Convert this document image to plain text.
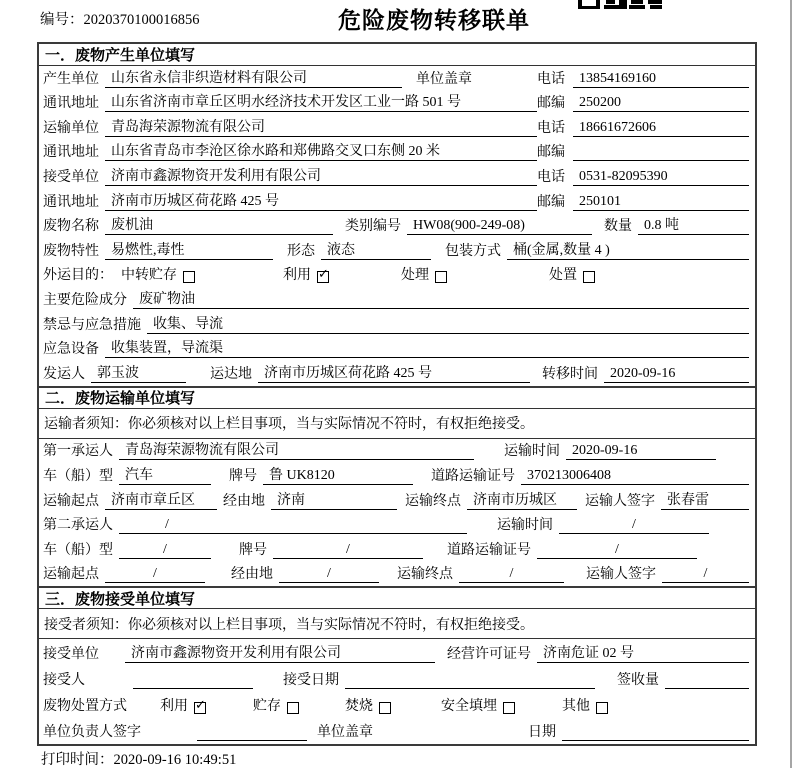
编号：2020370100016856	危险废物转移联单
一．废物产生单位填写
产生单位 山东省永信非织造材料有限公司	单位盖章	电话	13854169160
通讯地址 山东省济南市章丘区明水经济技术开发区工业一路 501 号	邮编	250200
运输单位 青岛海荣源物流有限公司	电话	18661672606
通讯地址 山东省青岛市李沧区徐水路和郑佛路交叉口东侧 20 米	邮编
接受单位 济南市鑫源物资开发利用有限公司	电话	0531-82095390
通讯地址 济南市历城区荷花路 425 号	邮编	250101
废物名称 废机油	类别编号 HW08(900-249-08)	数量 0.8 吨
废物特性 易燃性,毒性	形态 液态	包装方式 桶(金属,数量 4 )
外运目的： 中转贮存	利用 ✓	处理	处置
主要危险成分 废矿物油
禁忌与应急措施 收集、导流
应急设备 收集装置，导流渠
发运人 郭玉波	运达地 济南市历城区荷花路 425 号	转移时间 2020-09-16
二．废物运输单位填写
运输者须知：你必须核对以上栏目事项，当与实际情况不符时，有权拒绝接受。
第一承运人 青岛海荣源物流有限公司	运输时间 2020-09-16
车（船）型 汽车	牌号 鲁 UK8120	道路运输证号 370213006408
运输起点 济南市章丘区	经由地 济南	运输终点 济南市历城区	运输人签字 张春雷
第二承运人	/	运输时间	/
车（船）型	/	牌号	/	道路运输证号	/
运输起点	/	经由地	/	运输终点	/	运输人签字	/
三．废物接受单位填写
接受者须知：你必须核对以上栏目事项，当与实际情况不符时，有权拒绝接受。
接受单位	济南市鑫源物资开发利用有限公司	经营许可证号 济南危证 02 号
接受人	接受日期	签收量
废物处置方式 利用 ✓	贮存	焚烧	安全填埋	其他
单位负责人签字	单位盖章	日期
打印时间：2020-09-16 10:49:51
